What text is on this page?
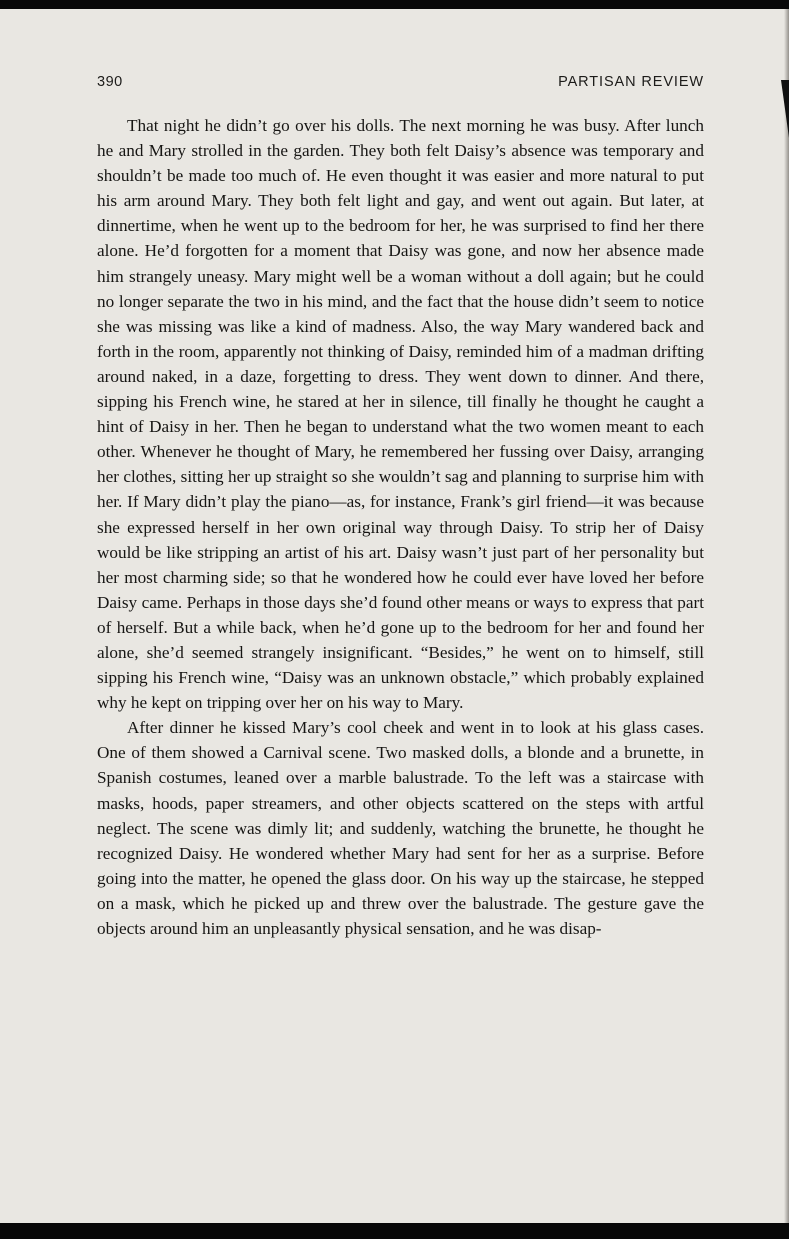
390	PARTISAN REVIEW

That night he didn’t go over his dolls. The next morning he was busy. After lunch he and Mary strolled in the garden. They both felt Daisy’s absence was temporary and shouldn’t be made too much of. He even thought it was easier and more natural to put his arm around Mary. They both felt light and gay, and went out again. But later, at dinnertime, when he went up to the bedroom for her, he was surprised to find her there alone. He’d forgotten for a moment that Daisy was gone, and now her absence made him strangely uneasy. Mary might well be a woman without a doll again; but he could no longer separate the two in his mind, and the fact that the house didn’t seem to notice she was missing was like a kind of madness. Also, the way Mary wandered back and forth in the room, apparently not thinking of Daisy, reminded him of a madman drifting around naked, in a daze, forgetting to dress. They went down to dinner. And there, sipping his French wine, he stared at her in silence, till finally he thought he caught a hint of Daisy in her. Then he began to understand what the two women meant to each other. Whenever he thought of Mary, he remembered her fussing over Daisy, arranging her clothes, sitting her up straight so she wouldn’t sag and planning to surprise him with her. If Mary didn’t play the piano—as, for instance, Frank’s girl friend—it was because she expressed herself in her own original way through Daisy. To strip her of Daisy would be like stripping an artist of his art. Daisy wasn’t just part of her personality but her most charming side; so that he wondered how he could ever have loved her before Daisy came. Perhaps in those days she’d found other means or ways to express that part of herself. But a while back, when he’d gone up to the bedroom for her and found her alone, she’d seemed strangely insignificant. “Besides,” he went on to himself, still sipping his French wine, “Daisy was an unknown obstacle,” which probably explained why he kept on tripping over her on his way to Mary.

After dinner he kissed Mary’s cool cheek and went in to look at his glass cases. One of them showed a Carnival scene. Two masked dolls, a blonde and a brunette, in Spanish costumes, leaned over a marble balustrade. To the left was a staircase with masks, hoods, paper streamers, and other objects scattered on the steps with artful neglect. The scene was dimly lit; and suddenly, watching the brunette, he thought he recognized Daisy. He wondered whether Mary had sent for her as a surprise. Before going into the matter, he opened the glass door. On his way up the staircase, he stepped on a mask, which he picked up and threw over the balustrade. The gesture gave the objects around him an unpleasantly physical sensation, and he was disap-
